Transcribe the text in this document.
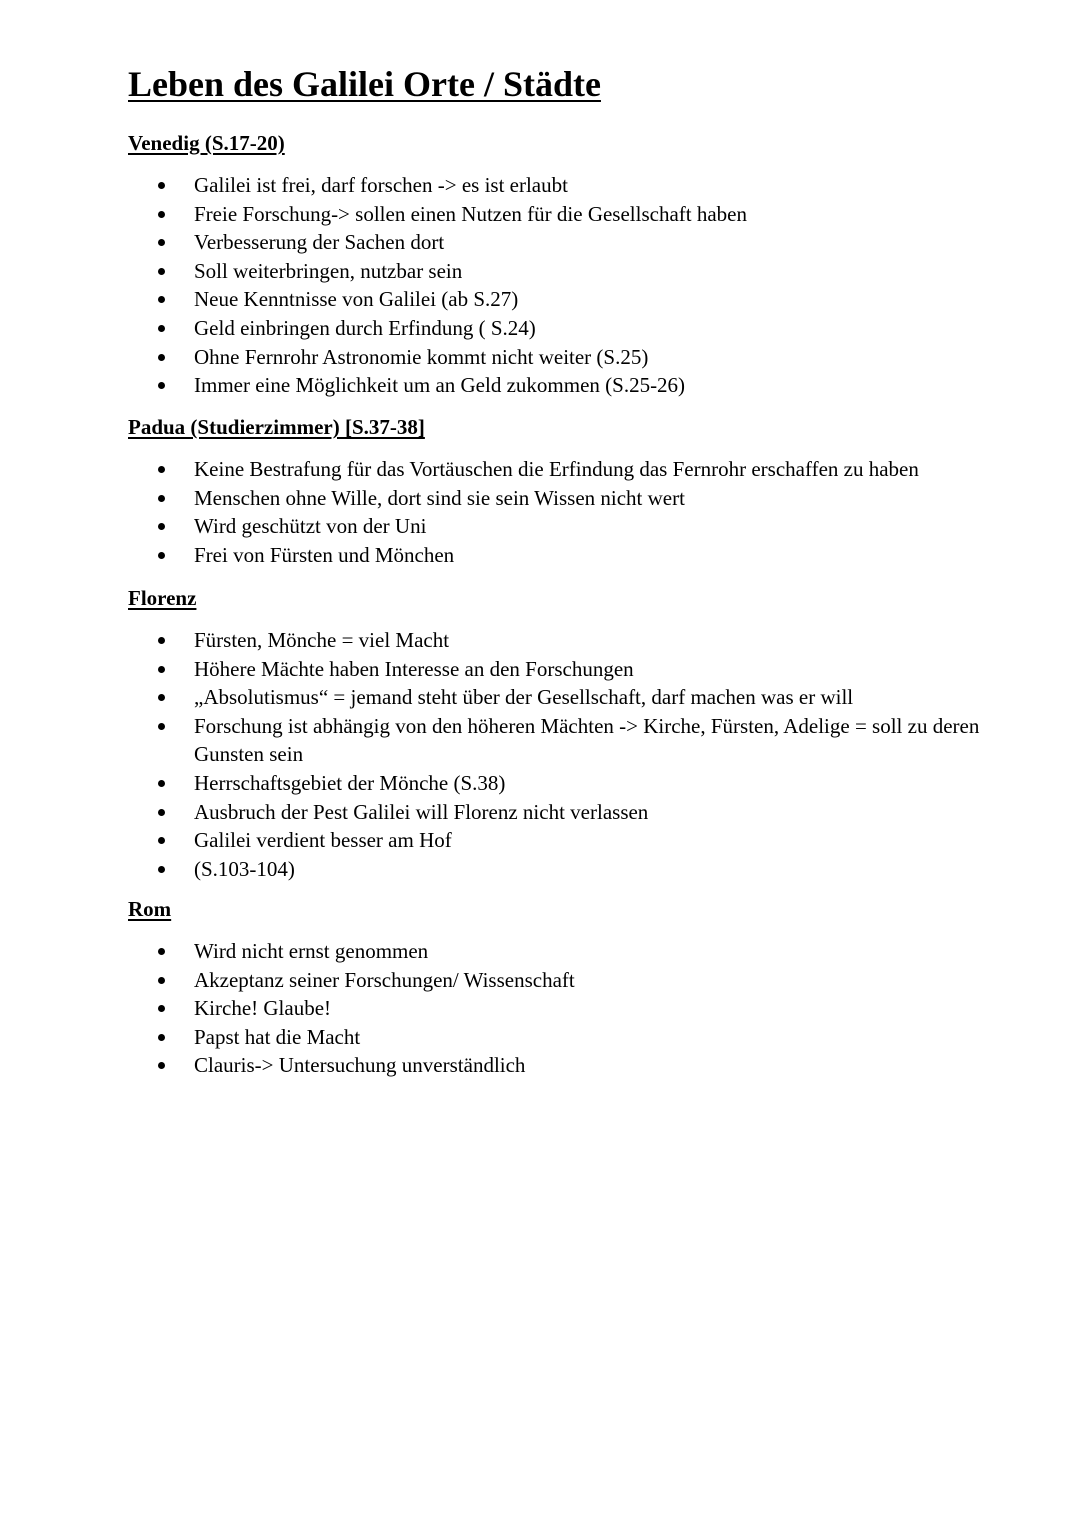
Leben des Galilei Orte / Städte
Venedig (S.17-20)
Galilei ist frei, darf forschen -> es ist erlaubt
Freie Forschung-> sollen einen Nutzen für die Gesellschaft haben
Verbesserung der Sachen dort
Soll weiterbringen, nutzbar sein
Neue Kenntnisse von Galilei (ab S.27)
Geld einbringen durch Erfindung ( S.24)
Ohne Fernrohr Astronomie kommt nicht weiter (S.25)
Immer eine Möglichkeit um an Geld zukommen (S.25-26)
Padua (Studierzimmer) [S.37-38]
Keine Bestrafung für das Vortäuschen die Erfindung das Fernrohr erschaffen zu haben
Menschen ohne Wille, dort sind sie sein Wissen nicht wert
Wird geschützt von der Uni
Frei von Fürsten und Mönchen
Florenz
Fürsten, Mönche = viel Macht
Höhere Mächte haben Interesse an den Forschungen
„Absolutismus“ = jemand steht über der Gesellschaft, darf machen was er will
Forschung ist abhängig von den höheren Mächten -> Kirche, Fürsten, Adelige = soll zu deren Gunsten sein
Herrschaftsgebiet der Mönche (S.38)
Ausbruch der Pest Galilei will Florenz nicht verlassen
Galilei verdient besser am Hof
(S.103-104)
Rom
Wird nicht ernst genommen
Akzeptanz seiner Forschungen/ Wissenschaft
Kirche! Glaube!
Papst hat die Macht
Clauris-> Untersuchung unverständlich
